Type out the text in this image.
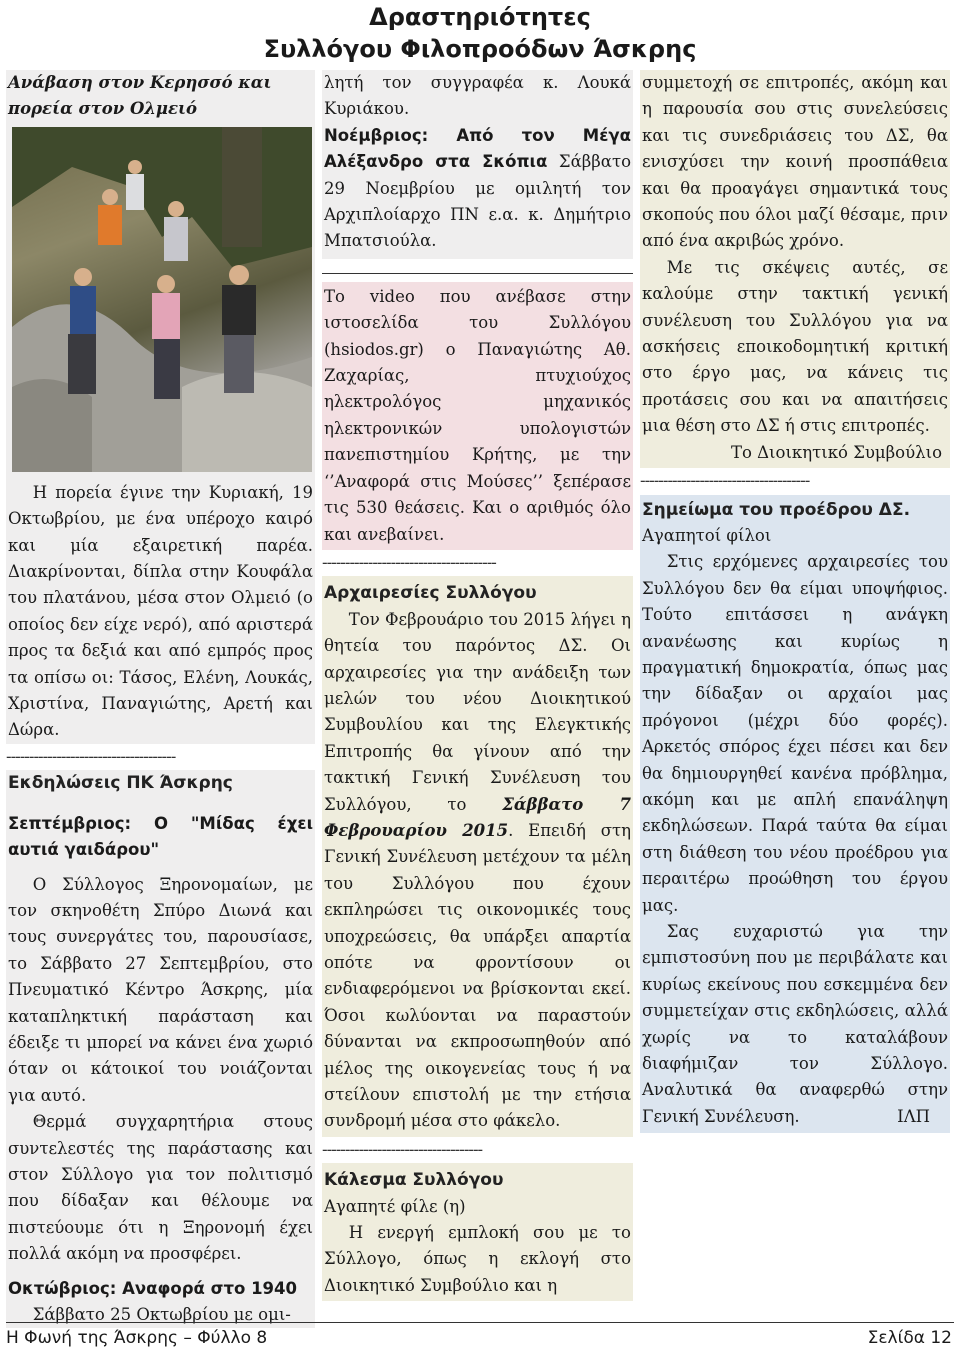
Δραστηριότητες
Συλλόγου Φιλοπροόδων Άσκρης
Ανάβαση στον Κερησσό και πορεία στον Ολμειό

Η πορεία έγινε την Κυριακή, 19 Οκτωβρίου, με ένα υπέροχο καιρό και μία εξαιρετική παρέα. Διακρίνονται, δίπλα στην Κουφάλα του πλατάνου, μέσα στον Ολμειό (ο οποίος δεν είχε νερό), από αριστερά προς τα δεξιά και από εμπρός προς τα οπίσω οι: Τάσος, Ελένη, Λουκάς, Χριστίνα, Παναγιώτης, Αρετή και Δώρα.

-------------------------------------
Εκδηλώσεις ΠΚ Άσκρης
Σεπτέμβριος: Ο "Μίδας έχει αυτιά γαιδάρου"

Ο Σύλλογος Ξηρονομαίων, με τον σκηνοθέτη Σπύρο Διωνά και τους συνεργάτες του, παρουσίασε, το Σάββατο 27 Σεπτεμβρίου, στο Πνευματικό Κέντρο Άσκρης, μία καταπληκτική παράσταση και έδειξε τι μπορεί να κάνει ένα χωριό όταν οι κάτοικοί του νοιάζονται για αυτό.

Θερμά συγχαρητήρια στους συντελεστές της παράστασης και στον Σύλλογο για τον πολιτισμό που δίδαξαν και θέλουμε να πιστεύουμε ότι η Ξηρονομή έχει πολλά ακόμη να προσφέρει.

Οκτώβριος: Αναφορά στο 1940

Σάββατο 25 Οκτωβρίου με ομι-

λητή τον συγγραφέα κ. Λουκά Κυριάκου.

Νοέμβριος: Από τον Μέγα Αλέξανδρο στα Σκόπια Σάββατο 29 Νοεμβρίου με ομιλητή τον Αρχιπλοίαρχο ΠΝ ε.α. κ. Δημήτριο Μπατσιούλα.

Το video που ανέβασε στην ιστοσελίδα του Συλλόγου (hsiodos.gr) ο Παναγιώτης Αθ. Ζαχαρίας, πτυχιούχος ηλεκτρολόγος μηχανικός ηλεκτρονικών υπολογιστών πανεπιστημίου Κρήτης, με την ‘’Αναφορά στις Μούσες’’ ξεπέρασε τις 530 θεάσεις. Και ο αριθμός όλο και ανεβαίνει.

--------------------------------------
Αρχαιρεσίες Συλλόγου

Τον Φεβρουάριο του 2015 λήγει η θητεία του παρόντος ΔΣ. Οι αρχαιρεσίες για την ανάδειξη των μελών του νέου Διοικητικού Συμβουλίου και της Ελεγκτικής Επιτροπής θα γίνουν από την τακτική Γενική Συνέλευση του Συλλόγου, το Σάββατο 7 Φεβρουαρίου 2015. Επειδή στη Γενική Συνέλευση μετέχουν τα μέλη του Συλλόγου που έχουν εκπληρώσει τις οικονομικές τους υποχρεώσεις, θα υπάρξει απαρτία οπότε να φροντίσουν οι ενδιαφερόμενοι να βρίσκονται εκεί. Όσοι κωλύονται να παραστούν δύνανται να εκπροσωπηθούν από μέλος της οικογενείας τους ή να στείλουν επιστολή με την ετήσια συνδρομή μέσα στο φάκελο.

-----------------------------------
Κάλεσμα Συλλόγου
Αγαπητέ φίλε (η)

Η ενεργή εμπλοκή σου με το Σύλλογο, όπως η εκλογή στο Διοικητικό Συμβούλιο και η

συμμετοχή σε επιτροπές, ακόμη και η παρουσία σου στις συνελεύσεις και τις συνεδριάσεις του ΔΣ, θα ενισχύσει την κοινή προσπάθεια και θα προαγάγει σημαντικά τους σκοπούς που όλοι μαζί θέσαμε, πριν από ένα ακριβώς χρόνο.

Με τις σκέψεις αυτές, σε καλούμε στην τακτική γενική συνέλευση του Συλλόγου για να ασκήσεις εποικοδομητική κριτική στο έργο μας, να κάνεις τις προτάσεις σου και να απαιτήσεις μια θέση στο ΔΣ ή στις επιτροπές.

Το Διοικητικό Συμβούλιο
-------------------------------------
Σημείωμα του προέδρου ΔΣ.
Αγαπητοί φίλοι

Στις ερχόμενες αρχαιρεσίες του Συλλόγου δεν θα είμαι υποψήφιος. Τούτο επιτάσσει η ανάγκη ανανέωσης και κυρίως η πραγματική δημοκρατία, όπως μας την δίδαξαν οι αρχαίοι μας πρόγονοι (μέχρι δύο φορές). Αρκετός σπόρος έχει πέσει και δεν θα δημιουργηθεί κανένα πρόβλημα, ακόμη και με απλή επανάληψη εκδηλώσεων. Παρά ταύτα θα είμαι στη διάθεση του νέου προέδρου για περαιτέρω προώθηση του έργου μας.

Σας ευχαριστώ για την εμπιστοσύνη που με περιβάλατε και κυρίως εκείνους που εσκεμμένα δεν συμμετείχαν στις εκδηλώσεις, αλλά χωρίς να το καταλάβουν διαφήμιζαν τον Σύλλογο. Αναλυτικά θα αναφερθώ στην Γενική Συνέλευση.	ΙΛΠ
Η Φωνή της Άσκρης – Φύλλο 8	Σελίδα 12
